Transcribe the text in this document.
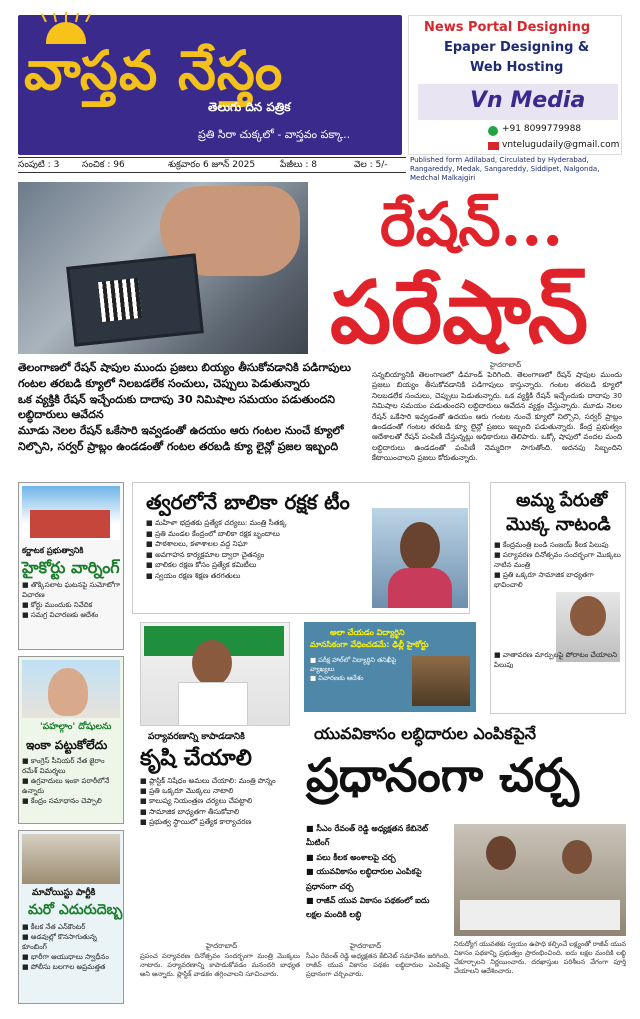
వాస్తవ నేస్తం
తెలుగు దిన పత్రిక
ప్రతి సిరా చుక్కలో - వాస్తవం పక్కా..
News Portal Designing
Epaper Designing &
Web Hosting
Vn Media
+91 8099779988
vntelugudaily@gmail.com
సంపుటి : 3	సంచిక : 96	శుక్రవారం 6 జూన్ 2025	పేజీలు : 8	వెల : 5/-	Published form Adilabad, Circulated by Hyderabad, Rangareddy, Medak, Sangareddy, Siddipet, Nalgonda, Medchal Malkajgiri
రేషన్...
పరేషాన్

తెలంగాణలో రేషన్ షాపుల ముందు ప్రజలు బియ్యం తీసుకోవడానికి పడిగాపులు

గంటల తరబడి క్యూలో నిలబడలేక సంచులు, చెప్పులు పెడుతున్నారు

ఒక వ్యక్తికి రేషన్ ఇచ్చేందుకు దాదాపు 30 నిమిషాల సమయం పడుతుందని లబ్ధిదారులు ఆవేదన

మూడు నెలల రేషన్ ఒకేసారి ఇవ్వడంతో ఉదయం ఆరు గంటల నుంచే క్యూలో నిల్చొని, సర్వర్ ప్రాబ్లం ఉండడంతో గంటల తరబడి క్యూ లైన్లో ప్రజల ఇబ్బంది

హైదరాబాద్
సన్నబియ్యానికి తెలంగాణలో డిమాండ్ పెరిగింది. తెలంగాణలో రేషన్ షాపుల ముందు ప్రజలు బియ్యం తీసుకోవడానికి పడిగాపులు కాస్తున్నారు. గంటల తరబడి క్యూలో నిలబడలేక సంచులు, చెప్పులు పెడుతున్నారు. ఒక వ్యక్తికి రేషన్ ఇచ్చేందుకు దాదాపు 30 నిమిషాల సమయం పడుతుందని లబ్ధిదారులు ఆవేదన వ్యక్తం చేస్తున్నారు. మూడు నెలల రేషన్ ఒకేసారి ఇవ్వడంతో ఉదయం ఆరు గంటల నుంచే క్యూలో నిల్చొని, సర్వర్ ప్రాబ్లం ఉండడంతో గంటల తరబడి క్యూ లైన్లో ప్రజలు ఇబ్బంది పడుతున్నారు. కేంద్ర ప్రభుత్వం ఆదేశాలతో రేషన్ పంపిణీ చేస్తున్నట్లు అధికారులు తెలిపారు. ఒక్కో షాపులో వందల మంది లబ్ధిదారులు ఉండడంతో పంపిణీ నెమ్మదిగా సాగుతోంది. అదనపు సిబ్బందిని కేటాయించాలని ప్రజలు కోరుతున్నారు.
కర్ణాటక ప్రభుత్వానికి
హైకోర్టు వార్నింగ్
■ తొక్కిసలాట ఘటనపై సుమోటోగా విచారణ
■ కోర్టు ముందుకు నివేదిక
■ సమగ్ర విచారణకు ఆదేశం
'పహల్గాం' దోషులను
ఇంకా పట్టుకోలేదు
■ కాంగ్రెస్ సీనియర్ నేత జైరాం రమేశ్ విమర్శలు
■ ఉగ్రవాదులు ఇంకా పరారీలోనే ఉన్నారు
■ కేంద్రం సమాధానం చెప్పాలి
మావోయిస్టు పార్టీకి
మరో ఎదురుదెబ్బ
■ కీలక నేత ఎన్‌కౌంటర్
■ అడవుల్లో కొనసాగుతున్న కూంబింగ్
■ భారీగా ఆయుధాలు స్వాధీనం
■ పోలీసు బలగాల అప్రమత్తత
త్వరలోనే బాలికా రక్షక టీం
■ మహిళా భద్రతకు ప్రత్యేక చర్యలు: మంత్రి సీతక్క
■ ప్రతి మండల కేంద్రంలో బాలికా రక్షక బృందాలు
■ పాఠశాలలు, కళాశాలల వద్ద నిఘా
■ అవగాహన కార్యక్రమాల ద్వారా చైతన్యం
■ బాలికల రక్షణ కోసం ప్రత్యేక కమిటీలు
■ స్వయం రక్షణ శిక్షణ తరగతులు
అమ్మ పేరుతో
మొక్క నాటండి
■ కేంద్రమంత్రి బండి సంజయ్ కీలక పిలుపు
■ పర్యావరణ దినోత్సవం సందర్భంగా మొక్కలు నాటిన మంత్రి
■ ప్రతి ఒక్కరూ సామాజిక బాధ్యతగా భావించాలి
■ వాతావరణ మార్పులపై పోరాటం చేయాలని పిలుపు
పర్యావరణాన్ని కాపాడడానికి
కృషి చేయాలి
■ ప్లాస్టిక్ నిషేధం అమలు చేయాలి: మంత్రి పొన్నం
■ ప్రతి ఒక్కరూ మొక్కలు నాటాలి
■ కాలుష్య నియంత్రణ చర్యలు చేపట్టాలి
■ సామాజిక బాధ్యతగా తీసుకోవాలి
■ ప్రభుత్వ స్థాయిలో ప్రత్యేక కార్యాచరణ
హైదరాబాద్
ప్రపంచ పర్యావరణ దినోత్సవం సందర్భంగా మంత్రి మొక్కలు నాటారు. పర్యావరణాన్ని కాపాడుకోవడం మనందరి బాధ్యత అని అన్నారు. ప్లాస్టిక్ వాడకం తగ్గించాలని సూచించారు.
అలా చేయడం విద్యార్థిని
మానసికంగా వేధించడమే: ఢిల్లీ హైకోర్టు
■ పరీక్ష హాల్‌లో విద్యార్థిని తనిఖీపై వ్యాఖ్యలు
■ విచారణకు ఆదేశం
యువవికాసం లబ్ధిదారుల ఎంపికపైనే
ప్రధానంగా చర్చ
■ సీఎం రేవంత్ రెడ్డి అధ్యక్షతన కేబినెట్ మీటింగ్
■ పలు కీలక అంశాలపై చర్చ
■ యువవికాసం లబ్ధిదారుల ఎంపికపై ప్రధానంగా చర్చ
■ రాజీవ్ యువ వికాసం పథకంలో ఐదు లక్షల మందికి లబ్ధి
హైదరాబాద్
సీఎం రేవంత్ రెడ్డి అధ్యక్షతన కేబినెట్ సమావేశం జరిగింది. రాజీవ్ యువ వికాసం పథకం లబ్ధిదారుల ఎంపికపై ప్రధానంగా చర్చించారు.
నిరుద్యోగ యువతకు స్వయం ఉపాధి కల్పించే లక్ష్యంతో రాజీవ్ యువ వికాసం పథకాన్ని ప్రభుత్వం ప్రారంభించింది. ఐదు లక్షల మందికి లబ్ధి చేకూర్చాలని నిర్ణయించారు. దరఖాస్తుల పరిశీలన వేగంగా పూర్తి చేయాలని ఆదేశించారు.
